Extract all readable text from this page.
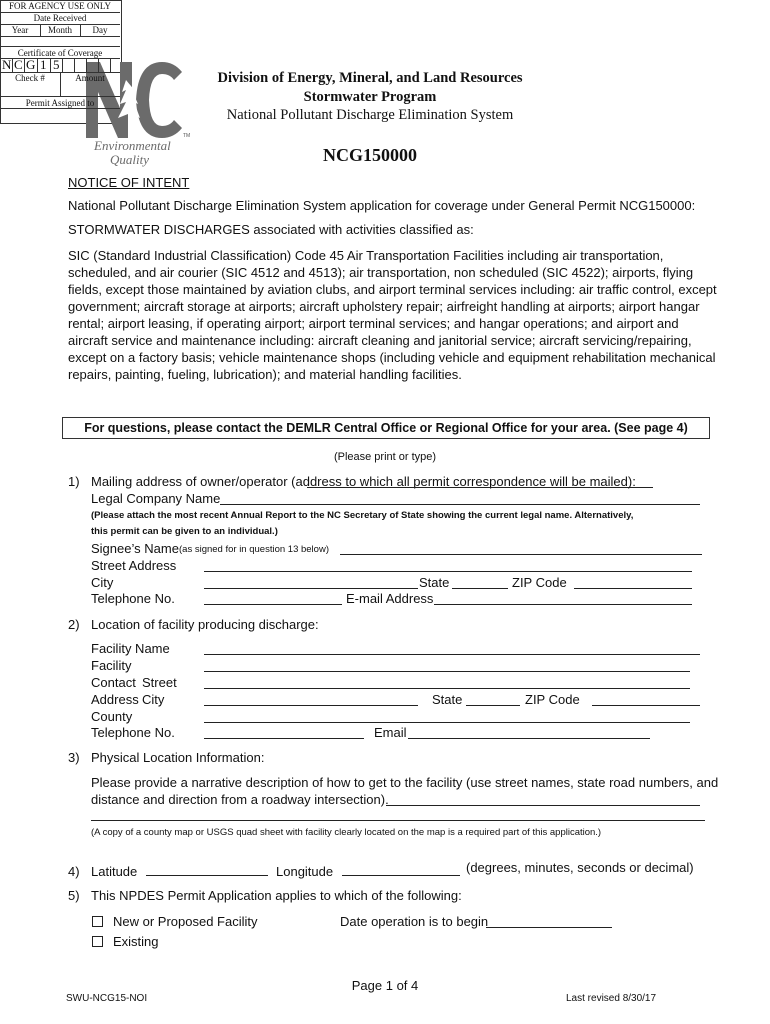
TM
Environmental
Quality
Division of Energy, Mineral, and Land Resources
Stormwater Program
National Pollutant Discharge Elimination System
NCG150000
FOR AGENCY USE ONLY
Date Received
Year	Month	Day
Certificate of Coverage
N C G 1 5
Check #	Amount
Permit Assigned to
NOTICE OF INTENT
National Pollutant Discharge Elimination System application for coverage under General Permit NCG150000:
STORMWATER DISCHARGES associated with activities classified as:
SIC (Standard Industrial Classification) Code 45 Air Transportation Facilities including air transportation,
scheduled, and air courier (SIC 4512 and 4513); air transportation, non scheduled (SIC 4522); airports, flying
fields, except those maintained by aviation clubs, and airport terminal services including: air traffic control, except
government; aircraft storage at airports; aircraft upholstery repair; airfreight handling at airports; airport hangar
rental; airport leasing, if operating airport; airport terminal services; and hangar operations; and airport and
aircraft service and maintenance including: aircraft cleaning and janitorial service; aircraft servicing/repairing,
except on a factory basis; vehicle maintenance shops (including vehicle and equipment rehabilitation mechanical
repairs, painting, fueling, lubrication); and material handling facilities.
For questions, please contact the DEMLR Central Office or Regional Office for your area. (See page 4)
(Please print or type)
1) Mailing address of owner/operator (address to which all permit correspondence will be mailed):
Legal Company Name
(Please attach the most recent Annual Report to the NC Secretary of State showing the current legal name. Alternatively,
this permit can be given to an individual.)
Signee’s Name (as signed for in question 13 below)
Street Address
City	State	ZIP Code
Telephone No.	E-mail Address
2) Location of facility producing discharge:
Facility Name
Facility
Contact Street
Address City	State	ZIP Code
County
Telephone No.	Email
3) Physical Location Information:
Please provide a narrative description of how to get to the facility (use street names, state road numbers, and
distance and direction from a roadway intersection).
(A copy of a county map or USGS quad sheet with facility clearly located on the map is a required part of this application.)
4) Latitude	Longitude	(degrees, minutes, seconds or decimal)
5) This NPDES Permit Application applies to which of the following:
New or Proposed Facility	Date operation is to begin
Existing
Page 1 of 4
SWU-NCG15-NOI	Last revised 8/30/17
